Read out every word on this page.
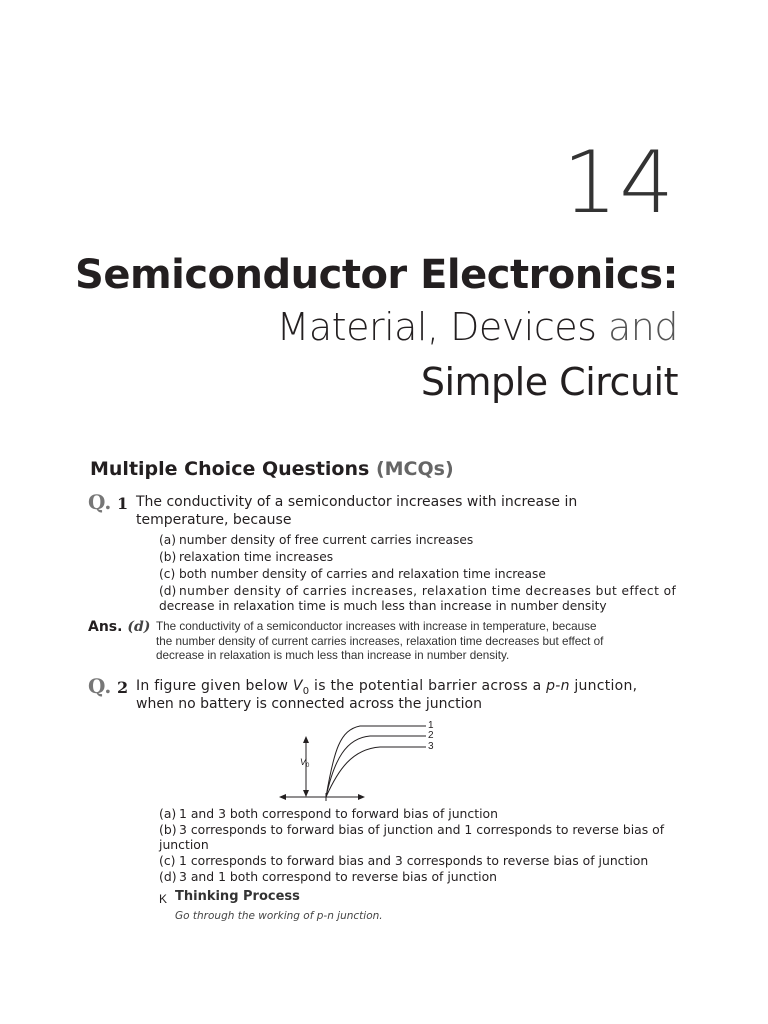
14
Semiconductor Electronics:
Material, Devices and
Simple Circuit
Multiple Choice Questions (MCQs)
Q. 1 The conductivity of a semiconductor increases with increase in
temperature, because
(a) number density of free current carries increases
(b) relaxation time increases
(c) both number density of carries and relaxation time increase
(d) number density of carries increases, relaxation time decreases but effect of
decrease in relaxation time is much less than increase in number density
Ans. (d) The conductivity of a semiconductor increases with increase in temperature, because
the number density of current carries increases, relaxation time decreases but effect of
decrease in relaxation is much less than increase in number density.
Q. 2 In figure given below $V_0$ is the potential barrier across a p-n junction,
when no battery is connected across the junction
1
2
3
$V_0$
(a) 1 and 3 both correspond to forward bias of junction
(b) 3 corresponds to forward bias of junction and 1 corresponds to reverse bias of
junction
(c) 1 corresponds to forward bias and 3 corresponds to reverse bias of junction
(d) 3 and 1 both correspond to reverse bias of junction
K Thinking Process
Go through the working of p-n junction.
